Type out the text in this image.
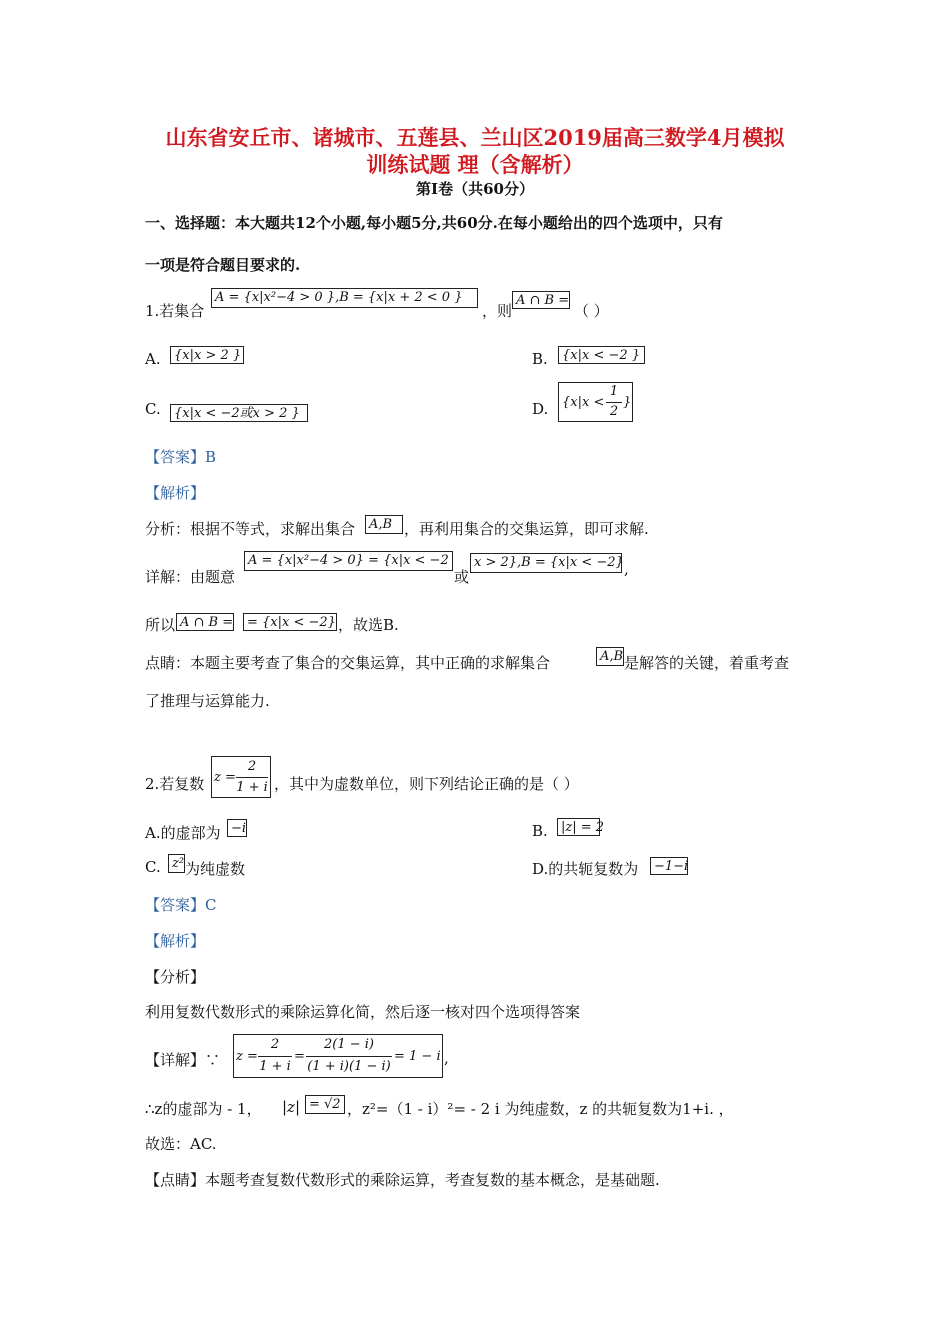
山东省安丘市、诸城市、五莲县、兰山区2019届高三数学4月模拟
训练试题 理（含解析）
第Ⅰ卷（共60分）
一、选择题：本大题共12个小题,每小题5分,共60分.在每小题给出的四个选项中，只有
一项是符合题目要求的.
1.若集合
A = {x|x²−4 > 0 },B = {x|x + 2 < 0 }
，则
A ∩ B =
（ ）
A.	{x|x > 2 }	B.	{x|x < −2 }
C.	{x|x < −2或x > 2 }	D. {x|x <
1
2
}
【答案】B
【解析】
分析：根据不等式，求解出集合	A,B ，再利用集合的交集运算，即可求解.
详解：由题意
A = {x|x²−4 > 0} = {x|x < −2
或
x > 2},B = {x|x < −2} ,
所以 A ∩ B =	= {x|x < −2} ，故选B.
点睛：本题主要考查了集合的交集运算，其中正确的求解集合	A,B 是解答的关键，着重考查
了推理与运算能力.
2.若复数 z =
2
1 + i ，其中为虚数单位，则下列结论正确的是（ ）
A.的虚部为 −i	B.	|z| = 2
C. z² 为纯虚数	D.的共轭复数为	−1−i
【答案】C
【解析】
【分析】
利用复数代数形式的乘除运算化简，然后逐一核对四个选项得答案
【详解】∵ z =
2
1 + i
=
2(1 − i)
(1 + i)(1 − i)
= 1 − i ,
∴z的虚部为 - 1， |z| = √2 ，z²=（1 - i）²= - 2 i 为纯虚数，z 的共轭复数为1+i. ，
故选：AC.
【点睛】本题考查复数代数形式的乘除运算，考查复数的基本概念，是基础题.
